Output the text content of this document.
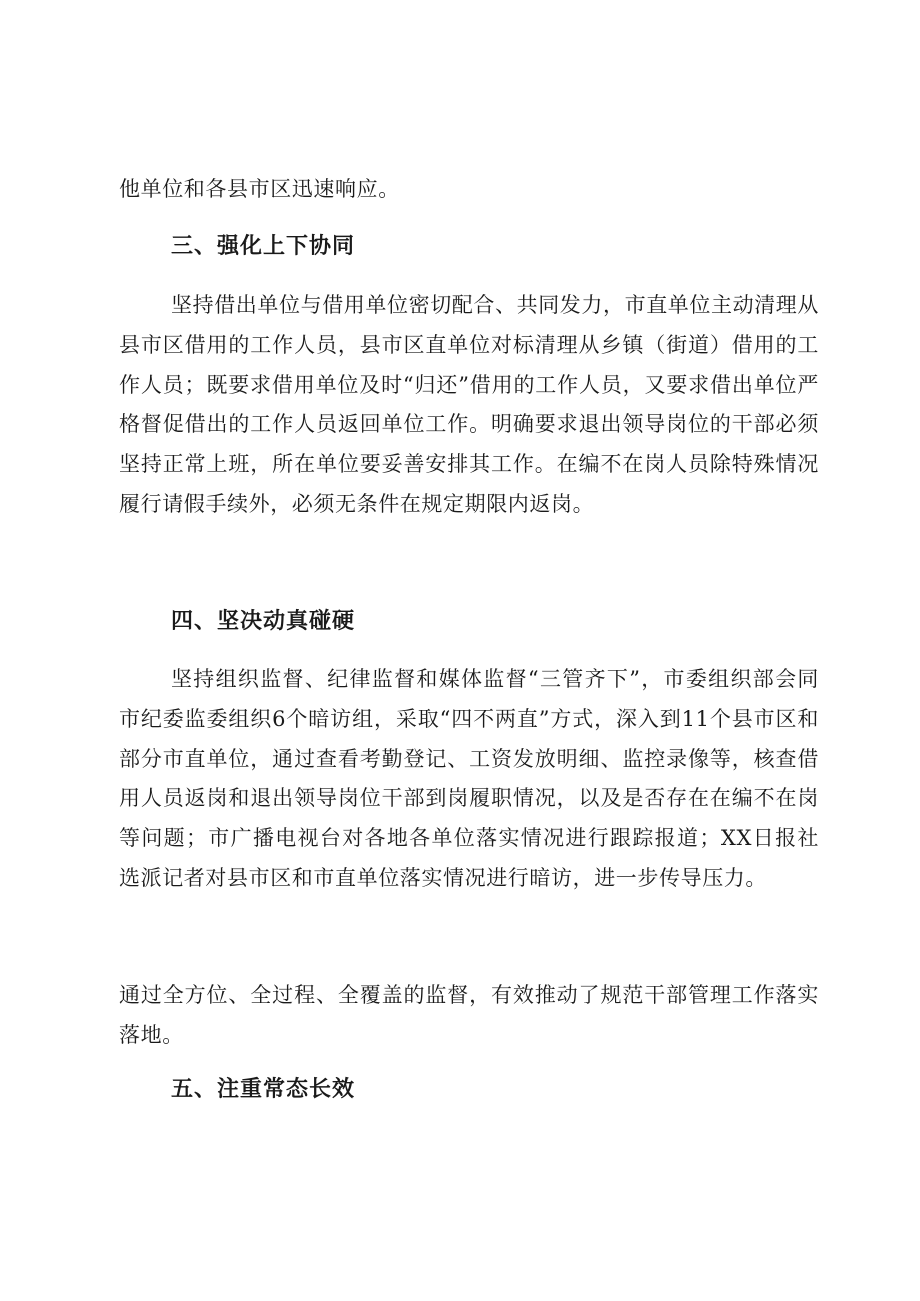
他单位和各县市区迅速响应。

三、强化上下协同

坚持借出单位与借用单位密切配合、共同发力，市直单位主动清理从县市区借用的工作人员，县市区直单位对标清理从乡镇（街道）借用的工作人员；既要求借用单位及时“归还”借用的工作人员，又要求借出单位严格督促借出的工作人员返回单位工作。明确要求退出领导岗位的干部必须坚持正常上班，所在单位要妥善安排其工作。在编不在岗人员除特殊情况履行请假手续外，必须无条件在规定期限内返岗。

四、坚决动真碰硬

坚持组织监督、纪律监督和媒体监督“三管齐下”，市委组织部会同市纪委监委组织6个暗访组，采取“四不两直”方式，深入到11个县市区和部分市直单位，通过查看考勤登记、工资发放明细、监控录像等，核查借用人员返岗和退出领导岗位干部到岗履职情况，以及是否存在在编不在岗等问题；市广播电视台对各地各单位落实情况进行跟踪报道；XX日报社选派记者对县市区和市直单位落实情况进行暗访，进一步传导压力。

通过全方位、全过程、全覆盖的监督，有效推动了规范干部管理工作落实落地。

五、注重常态长效
